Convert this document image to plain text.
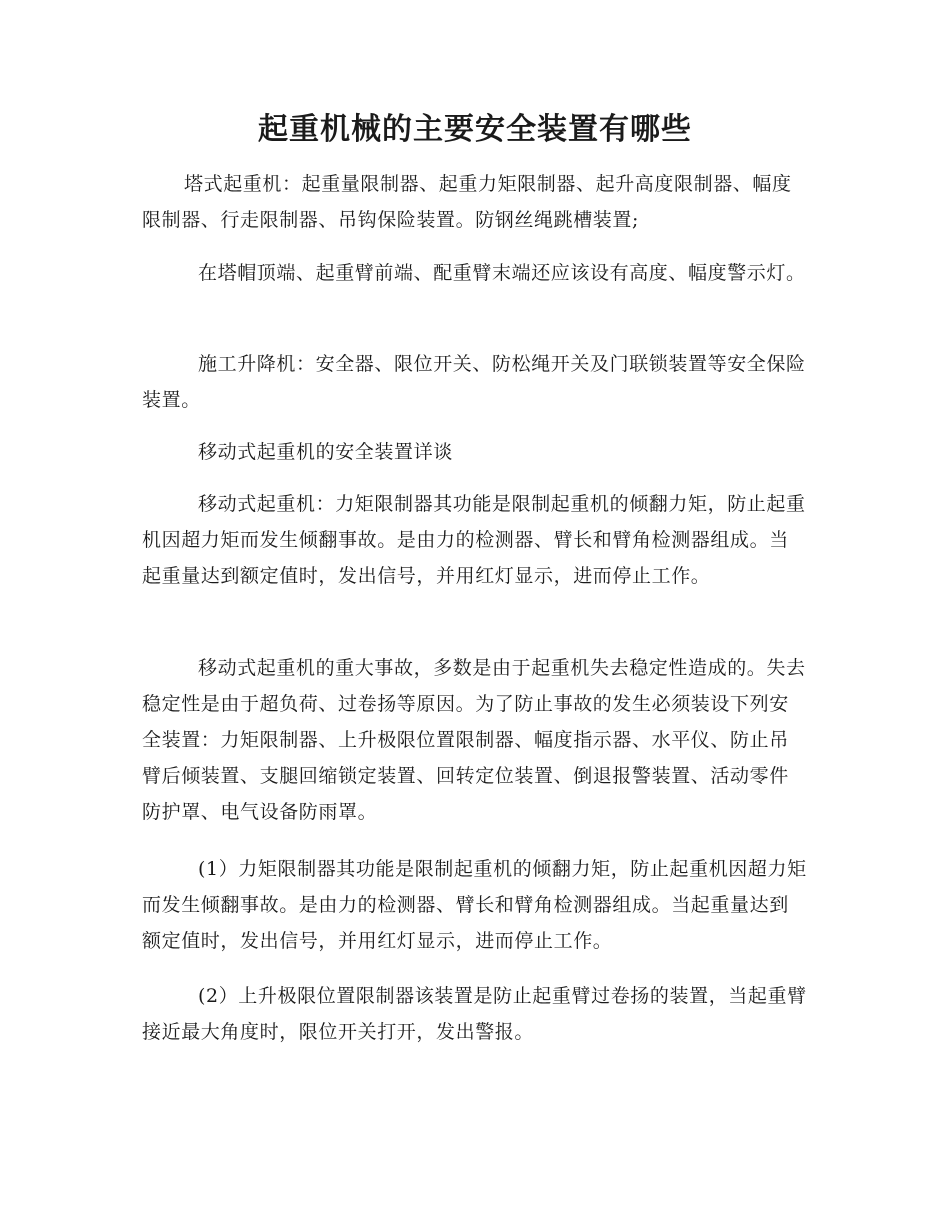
起重机械的主要安全装置有哪些

塔式起重机：起重量限制器、起重力矩限制器、起升高度限制器、幅度限制器、行走限制器、吊钩保险装置。防钢丝绳跳槽装置;

在塔帽顶端、起重臂前端、配重臂末端还应该设有高度、幅度警示灯。

施工升降机：安全器、限位开关、防松绳开关及门联锁装置等安全保险装置。

移动式起重机的安全装置详谈

移动式起重机：力矩限制器其功能是限制起重机的倾翻力矩，防止起重机因超力矩而发生倾翻事故。是由力的检测器、臂长和臂角检测器组成。当起重量达到额定值时，发出信号，并用红灯显示，进而停止工作。

移动式起重机的重大事故，多数是由于起重机失去稳定性造成的。失去稳定性是由于超负荷、过卷扬等原因。为了防止事故的发生必须装设下列安全装置：力矩限制器、上升极限位置限制器、幅度指示器、水平仪、防止吊臂后倾装置、支腿回缩锁定装置、回转定位装置、倒退报警装置、活动零件防护罩、电气设备防雨罩。

(1）力矩限制器其功能是限制起重机的倾翻力矩，防止起重机因超力矩而发生倾翻事故。是由力的检测器、臂长和臂角检测器组成。当起重量达到额定值时，发出信号，并用红灯显示，进而停止工作。

(2）上升极限位置限制器该装置是防止起重臂过卷扬的装置，当起重臂接近最大角度时，限位开关打开，发出警报。
